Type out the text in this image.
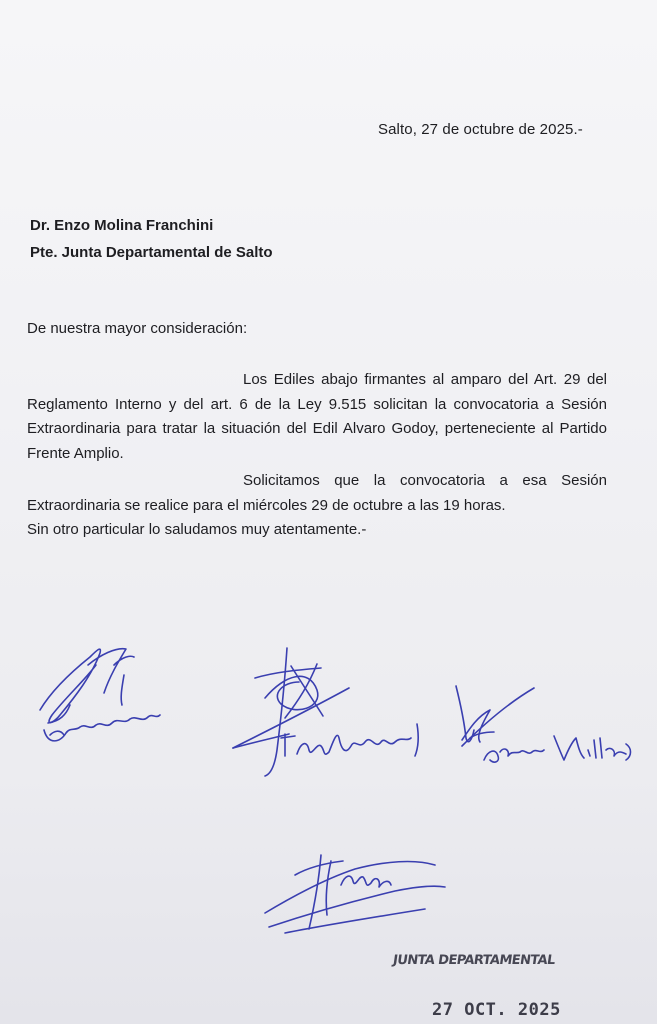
Salto, 27 de octubre de 2025.-
Dr. Enzo Molina Franchini
Pte. Junta Departamental de Salto
De nuestra mayor consideración:
Los Ediles abajo firmantes al amparo del Art. 29 del Reglamento Interno y del art. 6 de la Ley 9.515 solicitan la convocatoria a Sesión Extraordinaria para tratar la situación del Edil Alvaro Godoy, perteneciente al Partido Frente Amplio.
Solicitamos que la convocatoria a esa Sesión Extraordinaria se realice para el miércoles 29 de octubre a las 19 horas.
Sin otro particular lo saludamos muy atentamente.-
JUNTA DEPARTAMENTAL
27 OCT. 2025
